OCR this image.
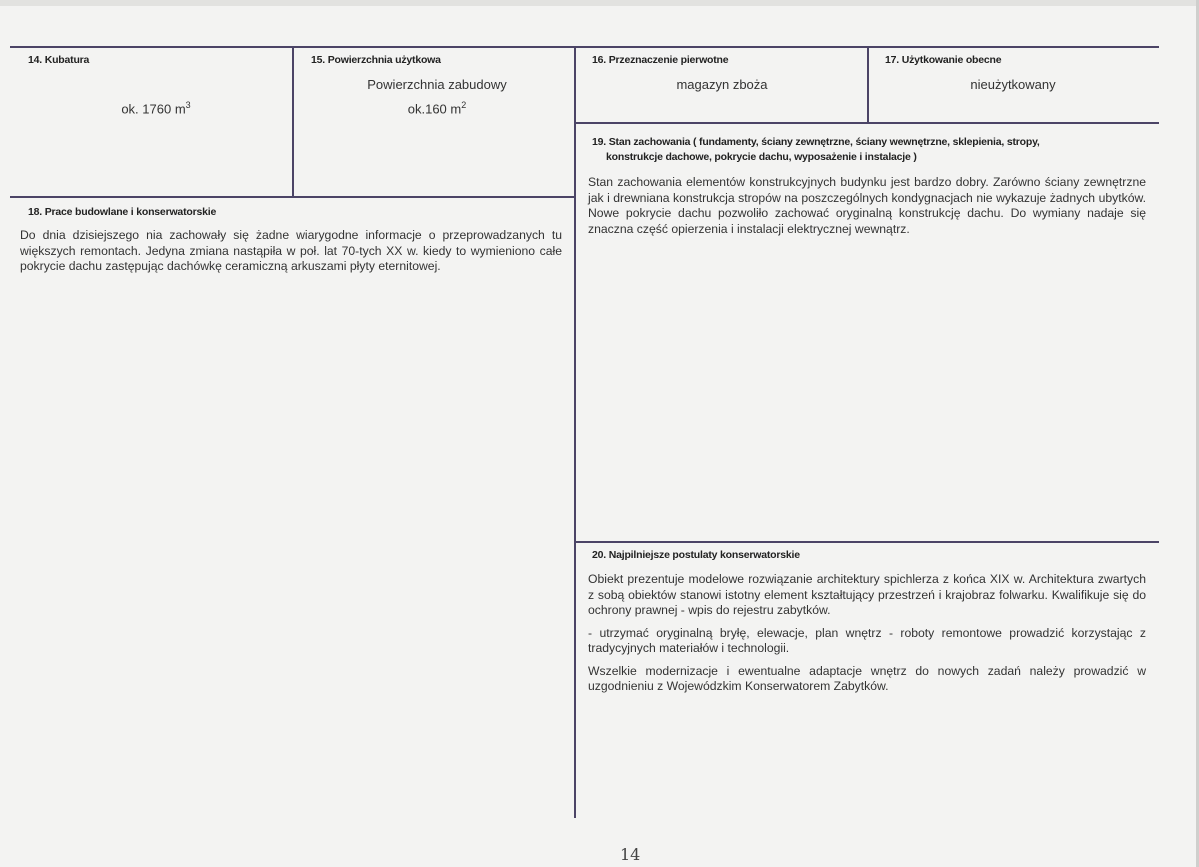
14. Kubatura
ok. 1760 $m^3$
15. Powierzchnia użytkowa
Powierzchnia zabudowy
ok.160 $m^2$
16. Przeznaczenie pierwotne
magazyn zboża
17. Użytkowanie obecne
nieużytkowany
18. Prace budowlane i konserwatorskie
Do dnia dzisiejszego nia zachowały się żadne wiarygodne informacje o przeprowadzanych tu większych remontach. Jedyna zmiana nastąpiła w poł. lat 70-tych XX w. kiedy to wymieniono całe pokrycie dachu zastępując dachówkę ceramiczną arkuszami płyty eternitowej.
19. Stan zachowania ( fundamenty, ściany zewnętrzne, ściany wewnętrzne, sklepienia, stropy,
konstrukcje dachowe, pokrycie dachu, wyposażenie i instalacje )
Stan zachowania elementów konstrukcyjnych budynku jest bardzo dobry. Zarówno ściany zewnętrzne jak i drewniana konstrukcja stropów na poszczególnych kondygnacjach nie wykazuje żadnych ubytków. Nowe pokrycie dachu pozwoliło zachować oryginalną konstrukcję dachu. Do wymiany nadaje się znaczna część opierzenia i instalacji elektrycznej wewnątrz.
20. Najpilniejsze postulaty konserwatorskie

Obiekt prezentuje modelowe rozwiązanie architektury spichlerza z końca XIX w. Architektura zwartych z sobą obiektów stanowi istotny element kształtujący przestrzeń i krajobraz folwarku. Kwalifikuje się do ochrony prawnej - wpis do rejestru zabytków.

- utrzymać oryginalną bryłę, elewacje, plan wnętrz - roboty remontowe prowadzić korzystając z tradycyjnych materiałów i technologii.

Wszelkie modernizacje i ewentualne adaptacje wnętrz do nowych zadań należy prowadzić w uzgodnieniu z Wojewódzkim Konserwatorem Zabytków.

14
